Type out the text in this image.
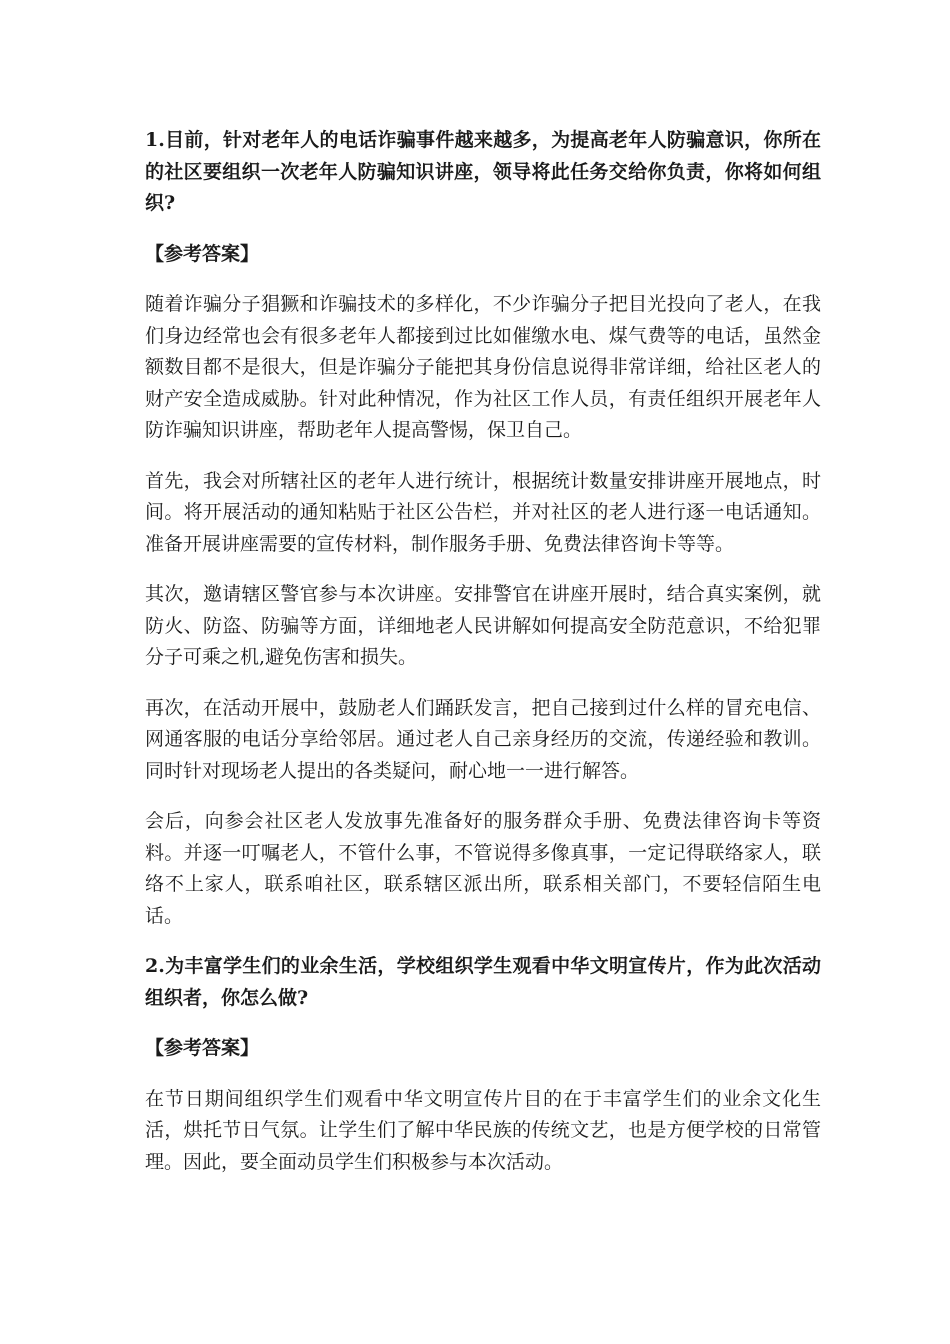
1.目前，针对老年人的电话诈骗事件越来越多，为提高老年人防骗意识，你所在的社区要组织一次老年人防骗知识讲座，领导将此任务交给你负责，你将如何组织?

【参考答案】

随着诈骗分子猖獗和诈骗技术的多样化，不少诈骗分子把目光投向了老人，在我们身边经常也会有很多老年人都接到过比如催缴水电、煤气费等的电话，虽然金额数目都不是很大，但是诈骗分子能把其身份信息说得非常详细，给社区老人的财产安全造成威胁。针对此种情况，作为社区工作人员，有责任组织开展老年人防诈骗知识讲座，帮助老年人提高警惕，保卫自己。

首先，我会对所辖社区的老年人进行统计，根据统计数量安排讲座开展地点，时间。将开展活动的通知粘贴于社区公告栏，并对社区的老人进行逐一电话通知。准备开展讲座需要的宣传材料，制作服务手册、免费法律咨询卡等等。

其次，邀请辖区警官参与本次讲座。安排警官在讲座开展时，结合真实案例，就防火、防盗、防骗等方面，详细地老人民讲解如何提高安全防范意识，不给犯罪分子可乘之机,避免伤害和损失。

再次，在活动开展中，鼓励老人们踊跃发言，把自己接到过什么样的冒充电信、网通客服的电话分享给邻居。通过老人自己亲身经历的交流，传递经验和教训。同时针对现场老人提出的各类疑问，耐心地一一进行解答。

会后，向参会社区老人发放事先准备好的服务群众手册、免费法律咨询卡等资料。并逐一叮嘱老人，不管什么事，不管说得多像真事，一定记得联络家人，联络不上家人，联系咱社区，联系辖区派出所，联系相关部门，不要轻信陌生电话。

2.为丰富学生们的业余生活，学校组织学生观看中华文明宣传片，作为此次活动组织者，你怎么做?

【参考答案】

在节日期间组织学生们观看中华文明宣传片目的在于丰富学生们的业余文化生活，烘托节日气氛。让学生们了解中华民族的传统文艺，也是方便学校的日常管理。因此，要全面动员学生们积极参与本次活动。
